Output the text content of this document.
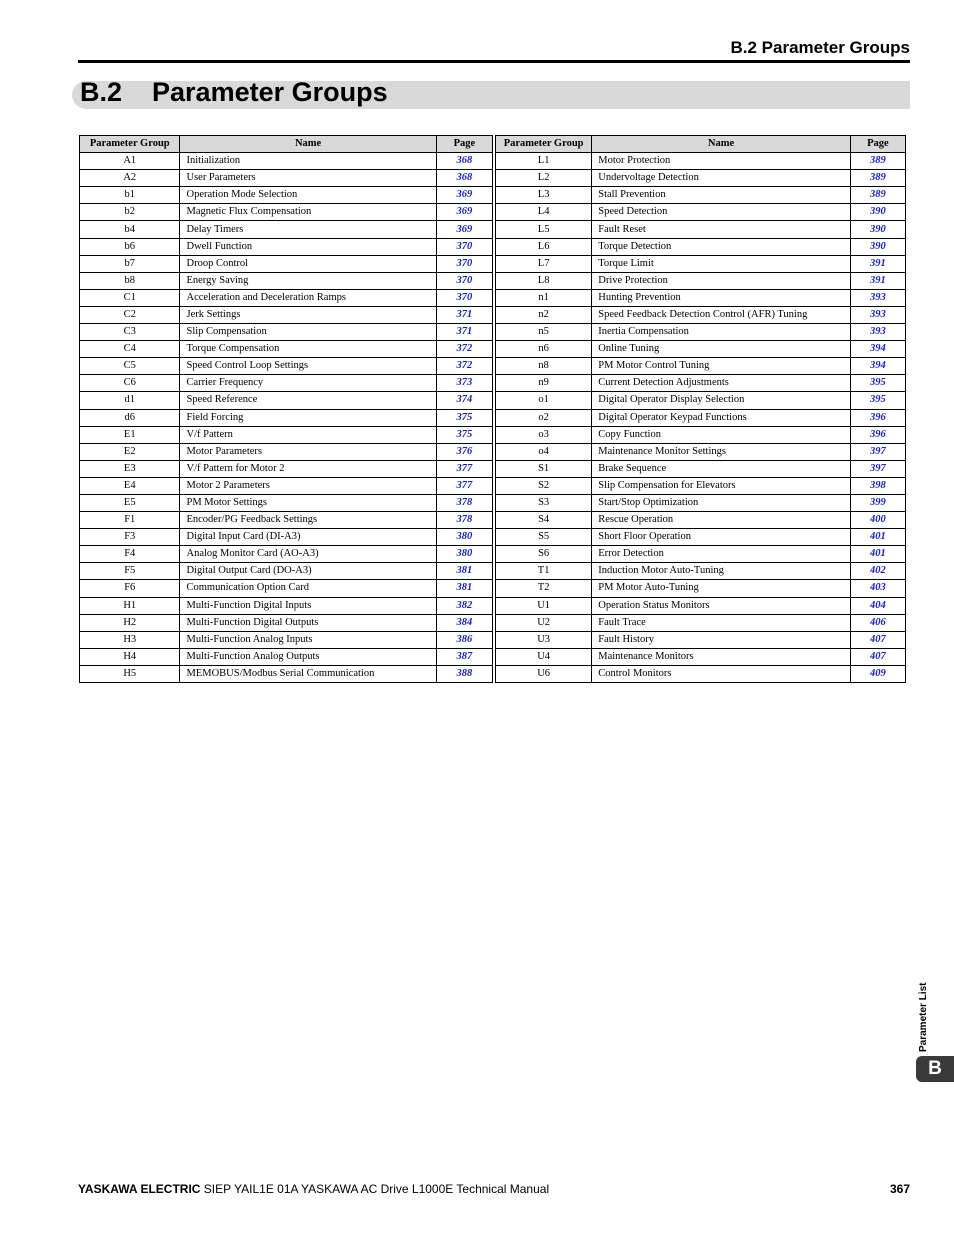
B.2 Parameter Groups
B.2    Parameter Groups
Parameter Group	Name	Page
A1	Initialization	368
A2	User Parameters	368
b1	Operation Mode Selection	369
b2	Magnetic Flux Compensation	369
b4	Delay Timers	369
b6	Dwell Function	370
b7	Droop Control	370
b8	Energy Saving	370
C1	Acceleration and Deceleration Ramps	370
C2	Jerk Settings	371
C3	Slip Compensation	371
C4	Torque Compensation	372
C5	Speed Control Loop Settings	372
C6	Carrier Frequency	373
d1	Speed Reference	374
d6	Field Forcing	375
E1	V/f Pattern	375
E2	Motor Parameters	376
E3	V/f Pattern for Motor 2	377
E4	Motor 2 Parameters	377
E5	PM Motor Settings	378
F1	Encoder/PG Feedback Settings	378
F3	Digital Input Card (DI-A3)	380
F4	Analog Monitor Card (AO-A3)	380
F5	Digital Output Card (DO-A3)	381
F6	Communication Option Card	381
H1	Multi-Function Digital Inputs	382
H2	Multi-Function Digital Outputs	384
H3	Multi-Function Analog Inputs	386
H4	Multi-Function Analog Outputs	387
H5	MEMOBUS/Modbus Serial Communication	388
Parameter Group	Name	Page
L1	Motor Protection	389
L2	Undervoltage Detection	389
L3	Stall Prevention	389
L4	Speed Detection	390
L5	Fault Reset	390
L6	Torque Detection	390
L7	Torque Limit	391
L8	Drive Protection	391
n1	Hunting Prevention	393
n2	Speed Feedback Detection Control (AFR) Tuning	393
n5	Inertia Compensation	393
n6	Online Tuning	394
n8	PM Motor Control Tuning	394
n9	Current Detection Adjustments	395
o1	Digital Operator Display Selection	395
o2	Digital Operator Keypad Functions	396
o3	Copy Function	396
o4	Maintenance Monitor Settings	397
S1	Brake Sequence	397
S2	Slip Compensation for Elevators	398
S3	Start/Stop Optimization	399
S4	Rescue Operation	400
S5	Short Floor Operation	401
S6	Error Detection	401
T1	Induction Motor Auto-Tuning	402
T2	PM Motor Auto-Tuning	403
U1	Operation Status Monitors	404
U2	Fault Trace	406
U3	Fault History	407
U4	Maintenance Monitors	407
U6	Control Monitors	409
Parameter List
B
YASKAWA ELECTRIC SIEP YAIL1E 01A YASKAWA AC Drive L1000E Technical Manual	367
